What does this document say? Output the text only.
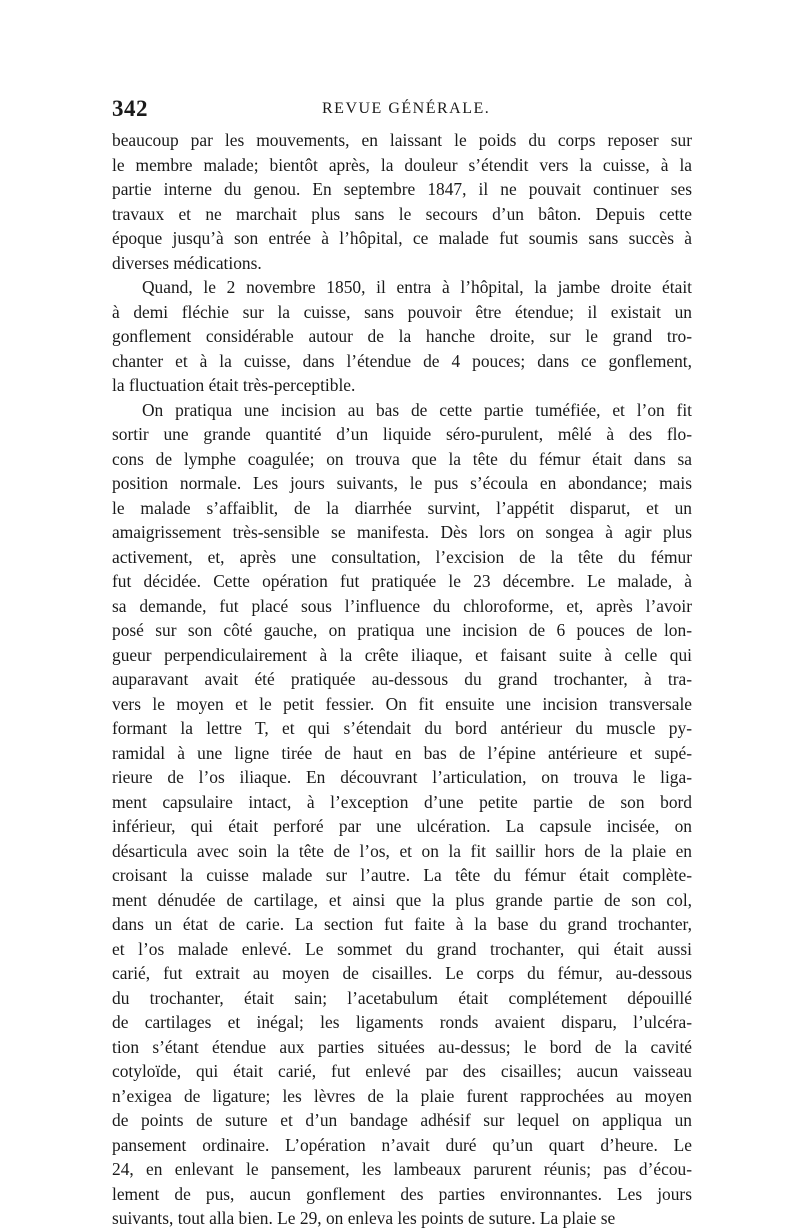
342	REVUE GÉNÉRALE.

beaucoup par les mouvements, en laissant le poids du corps reposer sur
le membre malade; bientôt après, la douleur s’étendit vers la cuisse, à la
partie interne du genou. En septembre 1847, il ne pouvait continuer ses
travaux et ne marchait plus sans le secours d’un bâton. Depuis cette
époque jusqu’à son entrée à l’hôpital, ce malade fut soumis sans succès à
diverses médications.

Quand, le 2 novembre 1850, il entra à l’hôpital, la jambe droite était
à demi fléchie sur la cuisse, sans pouvoir être étendue; il existait un
gonflement considérable autour de la hanche droite, sur le grand tro-
chanter et à la cuisse, dans l’étendue de 4 pouces; dans ce gonflement,
la fluctuation était très-perceptible.

On pratiqua une incision au bas de cette partie tuméfiée, et l’on fit
sortir une grande quantité d’un liquide séro-purulent, mêlé à des flo-
cons de lymphe coagulée; on trouva que la tête du fémur était dans sa
position normale. Les jours suivants, le pus s’écoula en abondance; mais
le malade s’affaiblit, de la diarrhée survint, l’appétit disparut, et un
amaigrissement très-sensible se manifesta. Dès lors on songea à agir plus
activement, et, après une consultation, l’excision de la tête du fémur
fut décidée. Cette opération fut pratiquée le 23 décembre. Le malade, à
sa demande, fut placé sous l’influence du chloroforme, et, après l’avoir
posé sur son côté gauche, on pratiqua une incision de 6 pouces de lon-
gueur perpendiculairement à la crête iliaque, et faisant suite à celle qui
auparavant avait été pratiquée au-dessous du grand trochanter, à tra-
vers le moyen et le petit fessier. On fit ensuite une incision transversale
formant la lettre T, et qui s’étendait du bord antérieur du muscle py-
ramidal à une ligne tirée de haut en bas de l’épine antérieure et supé-
rieure de l’os iliaque. En découvrant l’articulation, on trouva le liga-
ment capsulaire intact, à l’exception d’une petite partie de son bord
inférieur, qui était perforé par une ulcération. La capsule incisée, on
désarticula avec soin la tête de l’os, et on la fit saillir hors de la plaie en
croisant la cuisse malade sur l’autre. La tête du fémur était complète-
ment dénudée de cartilage, et ainsi que la plus grande partie de son col,
dans un état de carie. La section fut faite à la base du grand trochanter,
et l’os malade enlevé. Le sommet du grand trochanter, qui était aussi
carié, fut extrait au moyen de cisailles. Le corps du fémur, au-dessous
du trochanter, était sain; l’acetabulum était complétement dépouillé
de cartilages et inégal; les ligaments ronds avaient disparu, l’ulcéra-
tion s’étant étendue aux parties situées au-dessus; le bord de la cavité
cotyloïde, qui était carié, fut enlevé par des cisailles; aucun vaisseau
n’exigea de ligature; les lèvres de la plaie furent rapprochées au moyen
de points de suture et d’un bandage adhésif sur lequel on appliqua un
pansement ordinaire. L’opération n’avait duré qu’un quart d’heure. Le
24, en enlevant le pansement, les lambeaux parurent réunis; pas d’écou-
lement de pus, aucun gonflement des parties environnantes. Les jours
suivants, tout alla bien. Le 29, on enleva les points de suture. La plaie se
